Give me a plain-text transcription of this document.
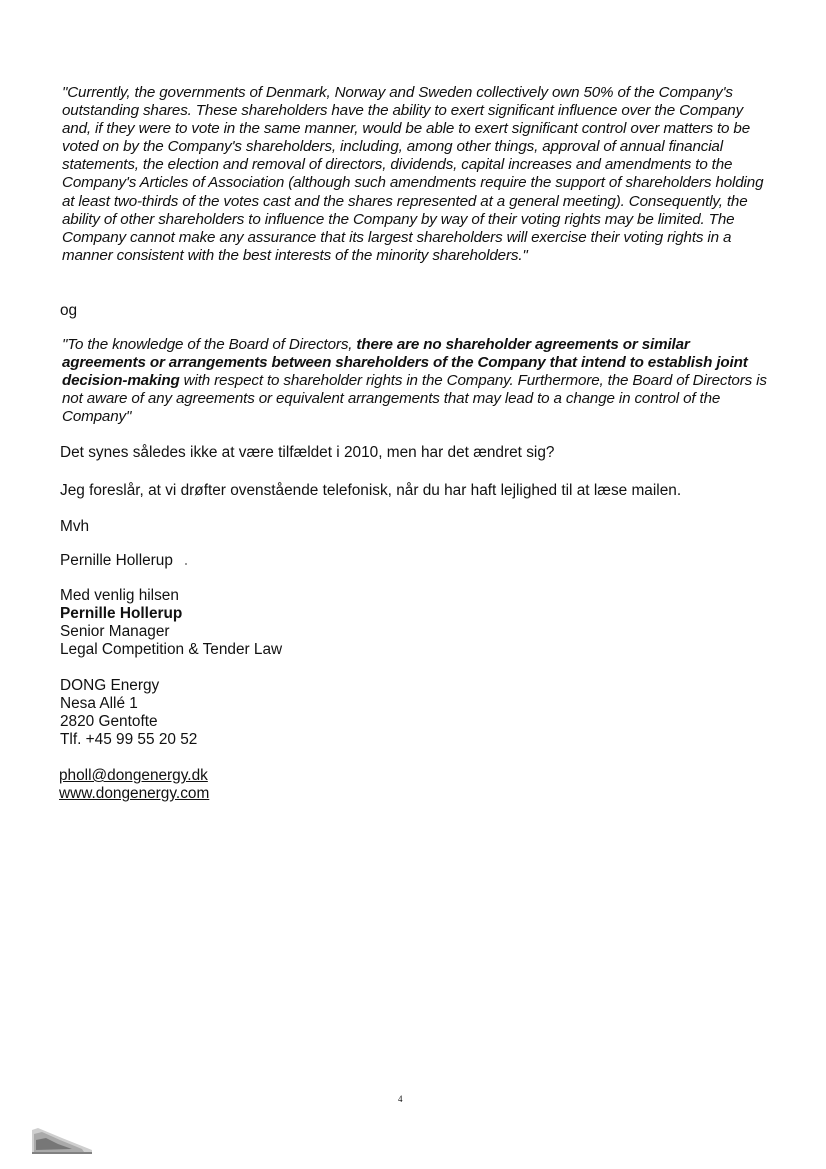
"Currently, the governments of Denmark, Norway and Sweden collectively own 50% of the Company's outstanding shares. These shareholders have the ability to exert significant influence over the Company and, if they were to vote in the same manner, would be able to exert significant control over matters to be voted on by the Company's shareholders, including, among other things, approval of annual financial statements, the election and removal of directors, dividends, capital increases and amendments to the Company's Articles of Association (although such amendments require the support of shareholders holding at least two-thirds of the votes cast and the shares represented at a general meeting). Consequently, the ability of other shareholders to influence the Company by way of their voting rights may be limited. The Company cannot make any assurance that its largest shareholders will exercise their voting rights in a manner consistent with the best interests of the minority shareholders."

og

"To the knowledge of the Board of Directors, there are no shareholder agreements or similar agreements or arrangements between shareholders of the Company that intend to establish joint decision-making with respect to shareholder rights in the Company. Furthermore, the Board of Directors is not aware of any agreements or equivalent arrangements that may lead to a change in control of the Company"

Det synes således ikke at være tilfældet i 2010, men har det ændret sig?

Jeg foreslår, at vi drøfter ovenstående telefonisk, når du har haft lejlighed til at læse mailen.

Mvh

Pernille Hollerup

Med venlig hilsen
Pernille Hollerup
Senior Manager
Legal Competition & Tender Law
DONG Energy
Nesa Allé 1
2820 Gentofte
Tlf. +45 99 55 20 52
pholl@dongenergy.dk
www.dongenergy.com
4
